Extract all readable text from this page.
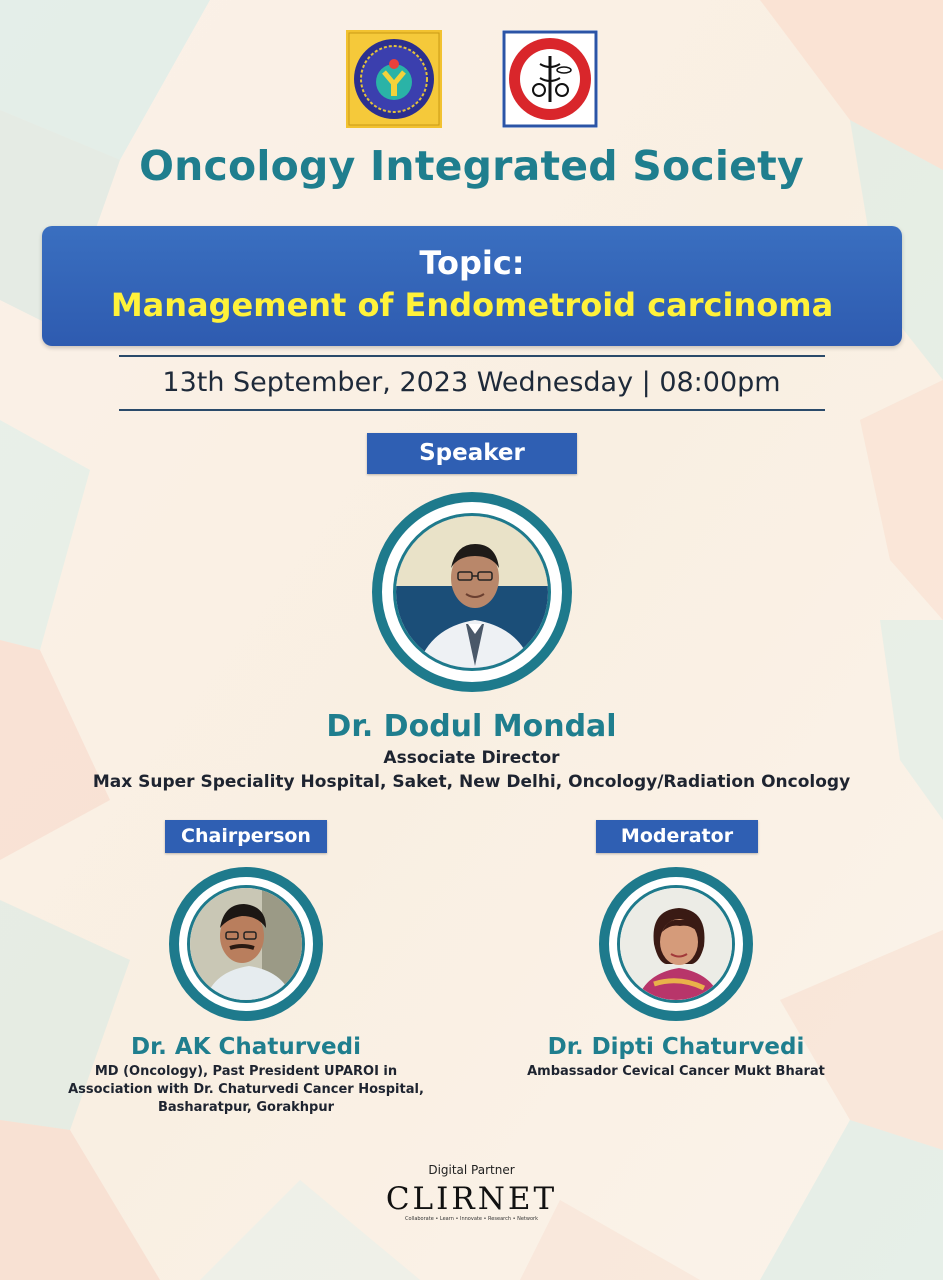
Oncology Integrated Society
Topic:
Management of Endometroid carcinoma
13th September, 2023 Wednesday | 08:00pm
Speaker
Dr. Dodul Mondal
Associate Director
Max Super Speciality Hospital, Saket, New Delhi, Oncology/Radiation Oncology
Chairperson
Dr. AK Chaturvedi
MD (Oncology), Past President UPAROI in
Association with Dr. Chaturvedi Cancer Hospital,
Basharatpur, Gorakhpur
Moderator
Dr. Dipti Chaturvedi
Ambassador Cevical Cancer Mukt Bharat
Digital Partner
CLIRNET
Collaborate • Learn • Innovate • Research • Network
